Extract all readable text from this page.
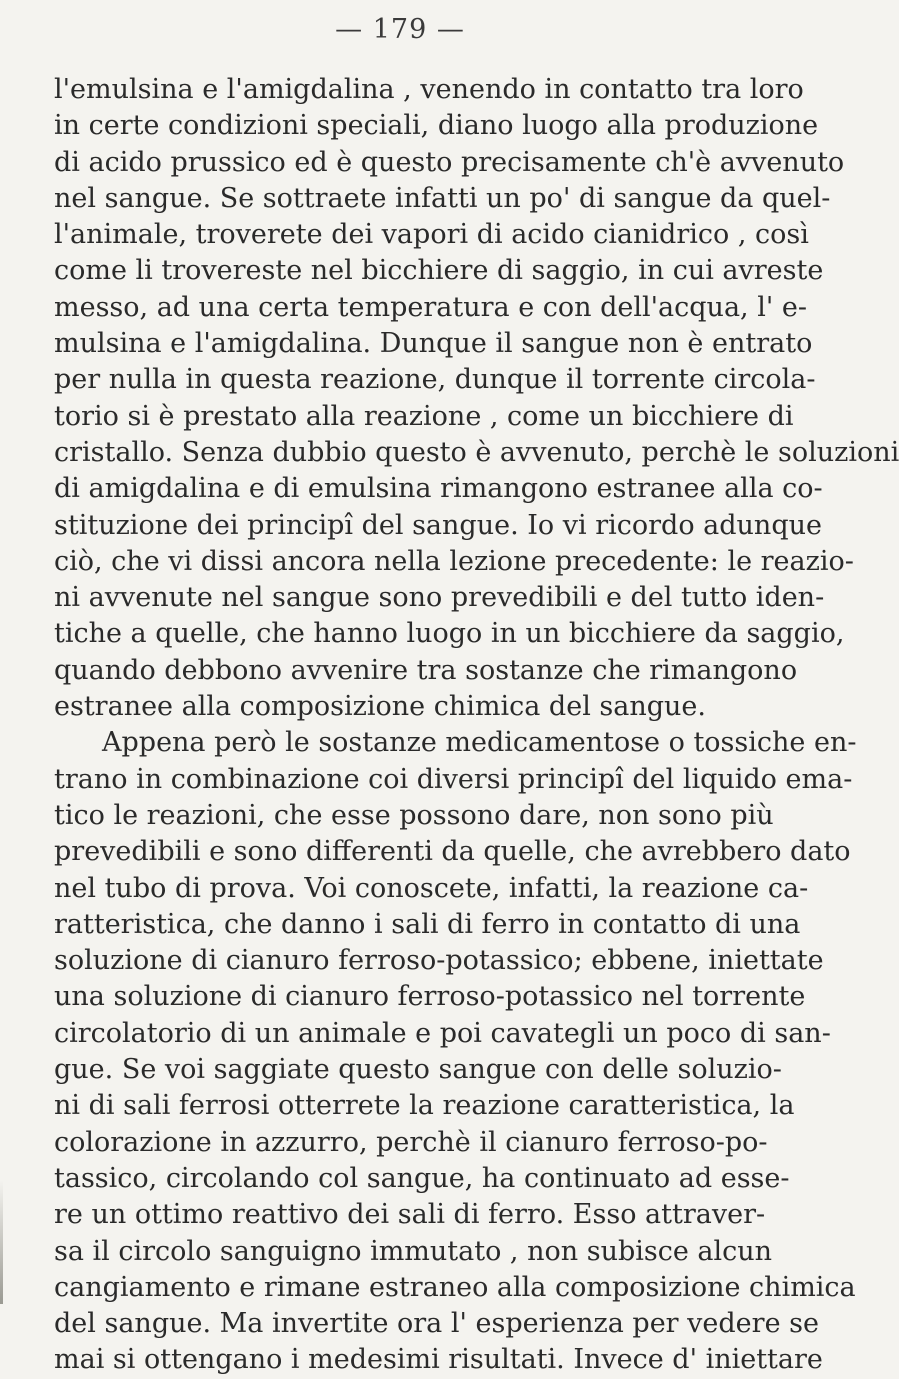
— 179 —
l'emulsina e l'amigdalina , venendo in contatto tra loro
in certe condizioni speciali, diano luogo alla produzione
di acido prussico ed è questo precisamente ch'è avvenuto
nel sangue. Se sottraete infatti un po' di sangue da quel-
l'animale, troverete dei vapori di acido cianidrico , così
come li trovereste nel bicchiere di saggio, in cui avreste
messo, ad una certa temperatura e con dell'acqua, l' e-
mulsina e l'amigdalina. Dunque il sangue non è entrato
per nulla in questa reazione, dunque il torrente circola-
torio si è prestato alla reazione , come un bicchiere di
cristallo. Senza dubbio questo è avvenuto, perchè le soluzioni
di amigdalina e di emulsina rimangono estranee alla co-
stituzione dei principî del sangue. Io vi ricordo adunque
ciò, che vi dissi ancora nella lezione precedente: le reazio-
ni avvenute nel sangue sono prevedibili e del tutto iden-
tiche a quelle, che hanno luogo in un bicchiere da saggio,
quando debbono avvenire tra sostanze che rimangono
estranee alla composizione chimica del sangue.
Appena però le sostanze medicamentose o tossiche en-
trano in combinazione coi diversi principî del liquido ema-
tico le reazioni, che esse possono dare, non sono più
prevedibili e sono differenti da quelle, che avrebbero dato
nel tubo di prova. Voi conoscete, infatti, la reazione ca-
ratteristica, che danno i sali di ferro in contatto di una
soluzione di cianuro ferroso-potassico; ebbene, iniettate
una soluzione di cianuro ferroso-potassico nel torrente
circolatorio di un animale e poi cavategli un poco di san-
gue. Se voi saggiate questo sangue con delle soluzio-
ni di sali ferrosi otterrete la reazione caratteristica, la
colorazione in azzurro, perchè il cianuro ferroso-po-
tassico, circolando col sangue, ha continuato ad esse-
re un ottimo reattivo dei sali di ferro. Esso attraver-
sa il circolo sanguigno immutato , non subisce alcun
cangiamento e rimane estraneo alla composizione chimica
del sangue. Ma invertite ora l' esperienza per vedere se
mai si ottengano i medesimi risultati. Invece d' iniettare
